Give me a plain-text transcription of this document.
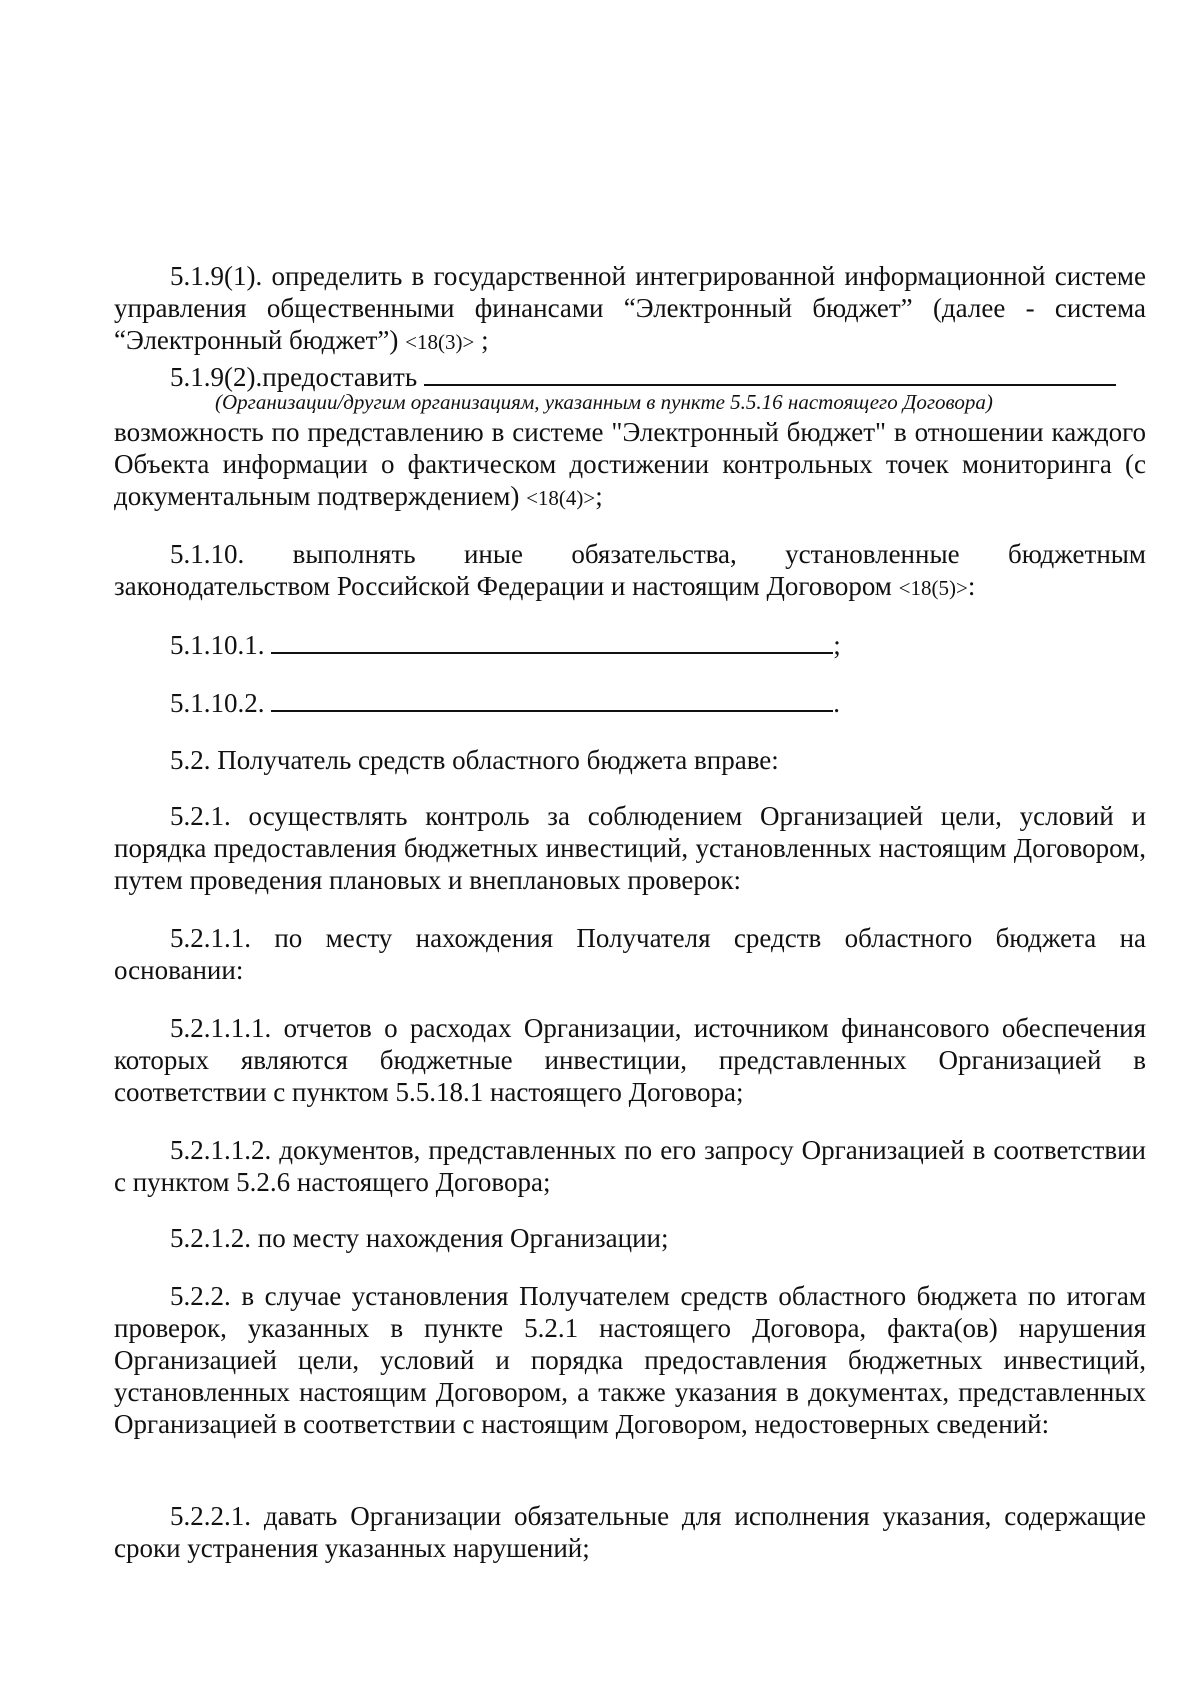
5.1.9(1). определить в государственной интегрированной информационной системе управления общественными финансами “Электронный бюджет” (далее - система “Электронный бюджет”) <18(3)> ;

5.1.9(2).предоставить
(Организации/другим организациям, указанным в пункте 5.5.16 настоящего Договора)

возможность по представлению в системе "Электронный бюджет" в отношении каждого Объекта информации о фактическом достижении контрольных точек мониторинга (с документальным подтверждением) <18(4)>;

5.1.10. выполнять иные обязательства, установленные бюджетным законодательством Российской Федерации и настоящим Договором <18(5)>:

5.1.10.1.	;
5.1.10.2.	.

5.2. Получатель средств областного бюджета вправе:

5.2.1. осуществлять контроль за соблюдением Организацией цели, условий и порядка предоставления бюджетных инвестиций, установленных настоящим Договором, путем проведения плановых и внеплановых проверок:

5.2.1.1. по месту нахождения Получателя средств областного бюджета на основании:

5.2.1.1.1. отчетов о расходах Организации, источником финансового обеспечения которых являются бюджетные инвестиции, представленных Организацией в соответствии с пунктом 5.5.18.1 настоящего Договора;

5.2.1.1.2. документов, представленных по его запросу Организацией в соответствии с пунктом 5.2.6 настоящего Договора;

5.2.1.2. по месту нахождения Организации;

5.2.2. в случае установления Получателем средств областного бюджета по итогам проверок, указанных в пункте 5.2.1 настоящего Договора, факта(ов) нарушения Организацией цели, условий и порядка предоставления бюджетных инвестиций, установленных настоящим Договором, а также указания в документах, представленных Организацией в соответствии с настоящим Договором, недостоверных сведений:

5.2.2.1. давать Организации обязательные для исполнения указания, содержащие сроки устранения указанных нарушений;
